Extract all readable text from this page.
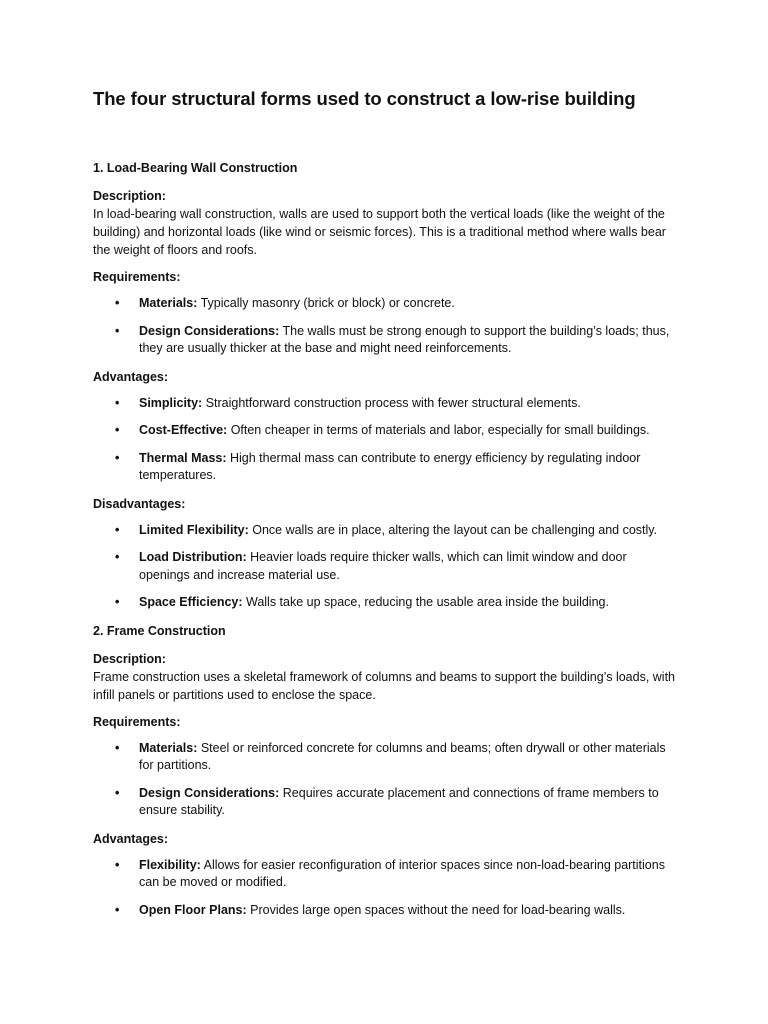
The four structural forms used to construct a low-rise building
1. Load-Bearing Wall Construction
Description:
In load-bearing wall construction, walls are used to support both the vertical loads (like the weight of the building) and horizontal loads (like wind or seismic forces). This is a traditional method where walls bear the weight of floors and roofs.
Requirements:
• Materials: Typically masonry (brick or block) or concrete.
• Design Considerations: The walls must be strong enough to support the building’s loads; thus, they are usually thicker at the base and might need reinforcements.
Advantages:
• Simplicity: Straightforward construction process with fewer structural elements.
• Cost-Effective: Often cheaper in terms of materials and labor, especially for small buildings.
• Thermal Mass: High thermal mass can contribute to energy efficiency by regulating indoor temperatures.
Disadvantages:
• Limited Flexibility: Once walls are in place, altering the layout can be challenging and costly.
• Load Distribution: Heavier loads require thicker walls, which can limit window and door openings and increase material use.
• Space Efficiency: Walls take up space, reducing the usable area inside the building.
2. Frame Construction
Description:
Frame construction uses a skeletal framework of columns and beams to support the building’s loads, with infill panels or partitions used to enclose the space.
Requirements:
• Materials: Steel or reinforced concrete for columns and beams; often drywall or other materials for partitions.
• Design Considerations: Requires accurate placement and connections of frame members to ensure stability.
Advantages:
• Flexibility: Allows for easier reconfiguration of interior spaces since non-load-bearing partitions can be moved or modified.
• Open Floor Plans: Provides large open spaces without the need for load-bearing walls.
